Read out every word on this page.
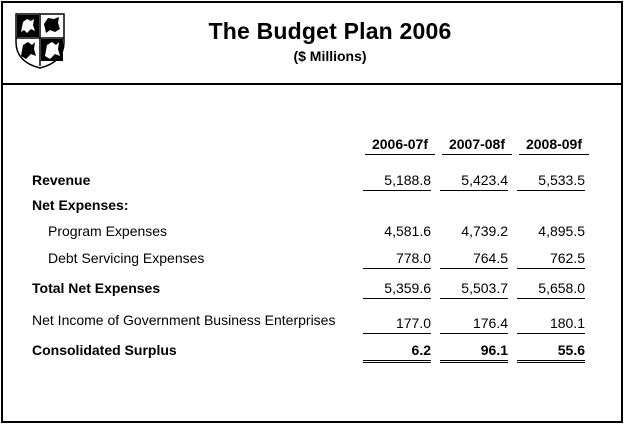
The Budget Plan 2006
($ Millions)
2006-07f	2007-08f	2008-09f
Revenue	5,188.8	5,423.4	5,533.5
Net Expenses:
Program Expenses	4,581.6	4,739.2	4,895.5
Debt Servicing Expenses	778.0	764.5	762.5
Total Net Expenses	5,359.6	5,503.7	5,658.0
Net Income of Government Business Enterprises	177.0	176.4	180.1
Consolidated Surplus	6.2	96.1	55.6
